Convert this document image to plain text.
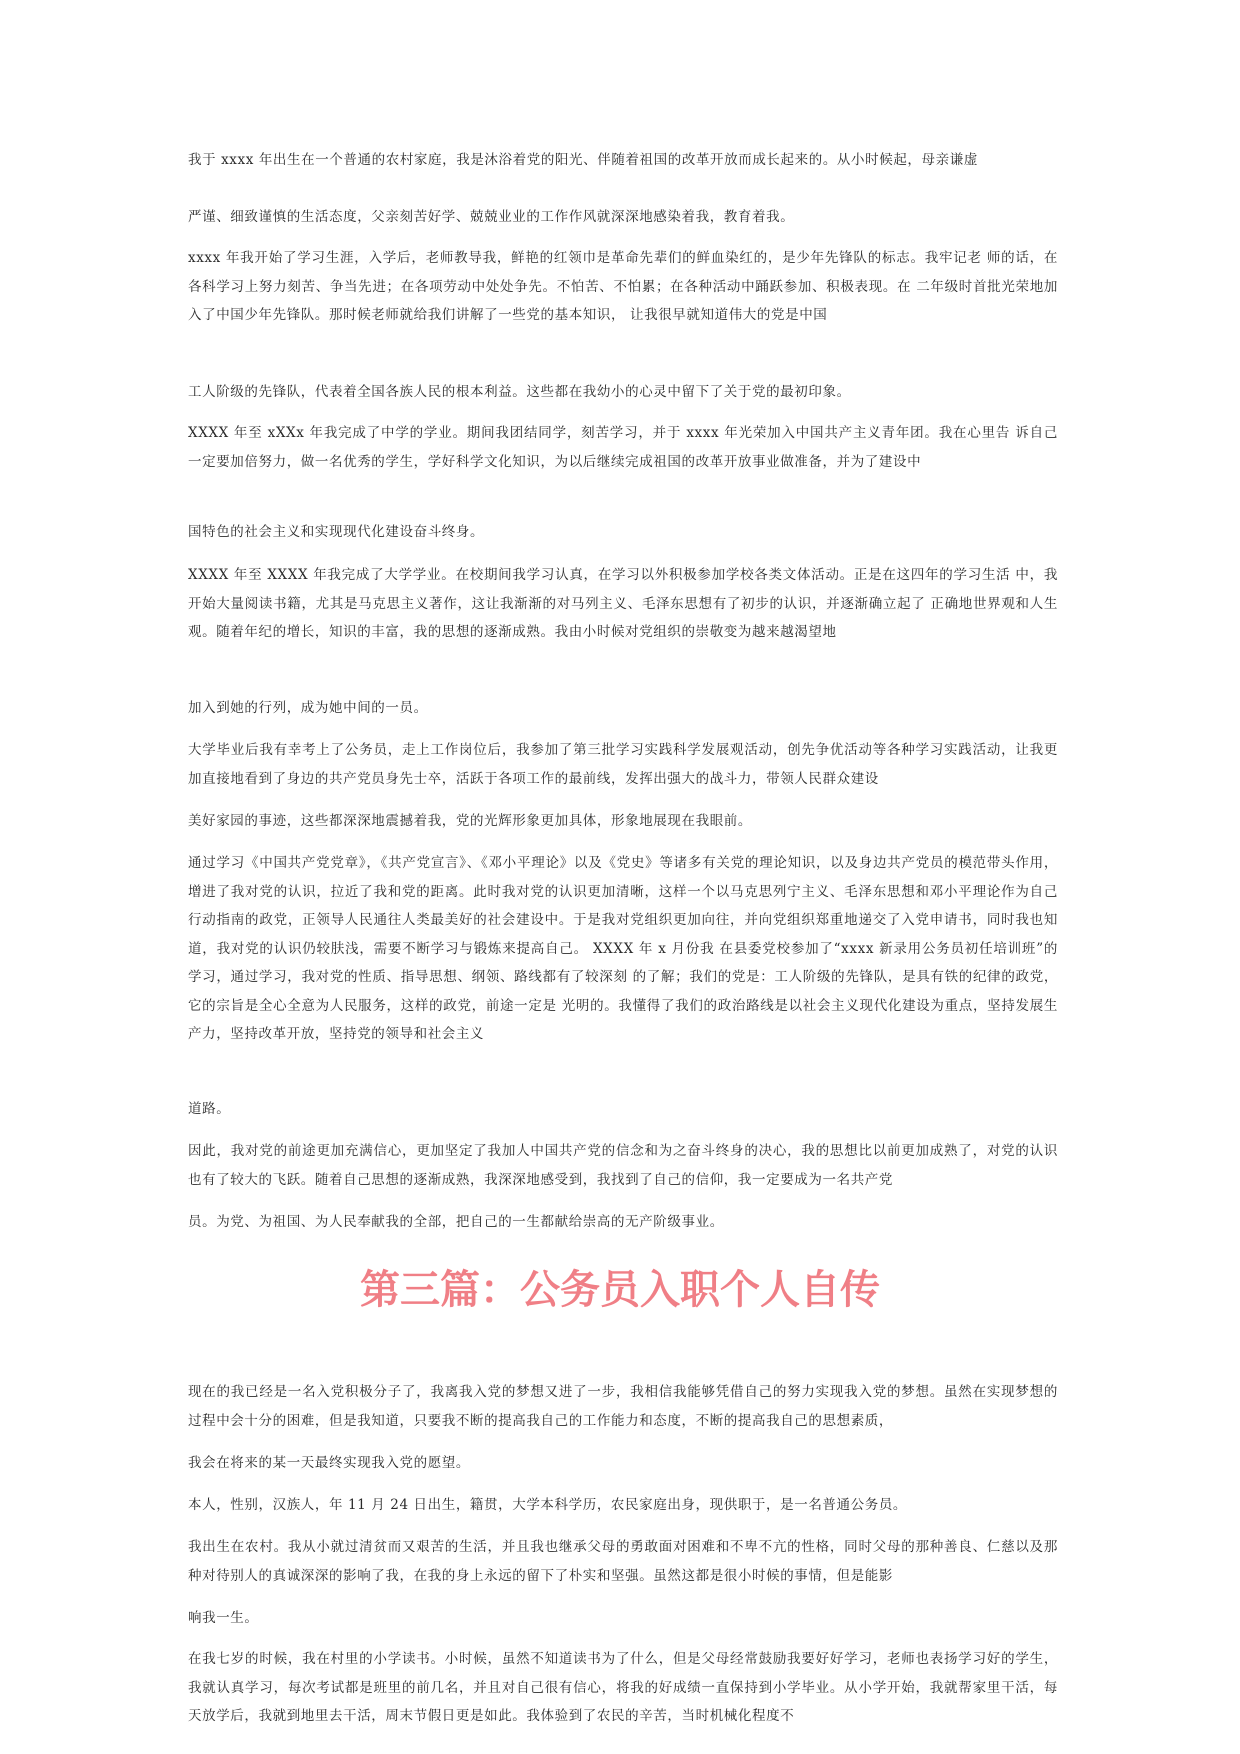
我于 xxxx 年出生在一个普通的农村家庭，我是沐浴着党的阳光、伴随着祖国的改革开放而成长起来的。从小时候起，母亲谦虚

严谨、细致谨慎的生活态度，父亲刻苦好学、兢兢业业的工作作风就深深地感染着我，教育着我。

xxxx 年我开始了学习生涯，入学后，老师教导我，鲜艳的红领巾是革命先辈们的鲜血染红的，是少年先锋队的标志。我牢记老 师的话，在各科学习上努力刻苦、争当先进；在各项劳动中处处争先。不怕苦、不怕累；在各种活动中踊跃参加、积极表现。在 二年级时首批光荣地加入了中国少年先锋队。那时候老师就给我们讲解了一些党的基本知识， 让我很早就知道伟大的党是中国

工人阶级的先锋队，代表着全国各族人民的根本利益。这些都在我幼小的心灵中留下了关于党的最初印象。

XXXX 年至 xXXx 年我完成了中学的学业。期间我团结同学，刻苦学习，并于 xxxx 年光荣加入中国共产主义青年团。我在心里告 诉自己一定要加倍努力，做一名优秀的学生，学好科学文化知识，为以后继续完成祖国的改革开放事业做准备，并为了建设中

国特色的社会主义和实现现代化建设奋斗终身。

XXXX 年至 XXXX 年我完成了大学学业。在校期间我学习认真，在学习以外积极参加学校各类文体活动。正是在这四年的学习生活 中，我开始大量阅读书籍，尤其是马克思主义著作，这让我渐渐的对马列主义、毛泽东思想有了初步的认识，并逐渐确立起了 正确地世界观和人生观。随着年纪的增长，知识的丰富，我的思想的逐渐成熟。我由小时候对党组织的崇敬变为越来越渴望地

加入到她的行列，成为她中间的一员。

大学毕业后我有幸考上了公务员，走上工作岗位后，我参加了第三批学习实践科学发展观活动，创先争优活动等各种学习实践活动，让我更加直接地看到了身边的共产党员身先士卒，活跃于各项工作的最前线，发挥出强大的战斗力，带领人民群众建设

美好家园的事迹，这些都深深地震撼着我，党的光辉形象更加具体，形象地展现在我眼前。

通过学习《中国共产党党章》，《共产党宣言》、《邓小平理论》以及《党史》等诸多有关党的理论知识，以及身边共产党员的模范带头作用，增进了我对党的认识，拉近了我和党的距离。此时我对党的认识更加清晰，这样一个以马克思列宁主义、毛泽东思想和邓小平理论作为自己行动指南的政党，正领导人民通往人类最美好的社会建设中。于是我对党组织更加向往，并向党组织郑重地递交了入党申请书，同时我也知道，我对党的认识仍较肤浅，需要不断学习与锻炼来提高自己。 XXXX 年 x 月份我 在县委党校参加了“xxxx 新录用公务员初任培训班”的学习，通过学习，我对党的性质、指导思想、纲领、路线都有了较深刻 的了解；我们的党是：工人阶级的先锋队，是具有铁的纪律的政党，它的宗旨是全心全意为人民服务，这样的政党，前途一定是 光明的。我懂得了我们的政治路线是以社会主义现代化建设为重点，坚持发展生产力，坚持改革开放，坚持党的领导和社会主义

道路。

因此，我对党的前途更加充满信心，更加坚定了我加人中国共产党的信念和为之奋斗终身的决心，我的思想比以前更加成熟了，对党的认识也有了较大的飞跃。随着自己思想的逐渐成熟，我深深地感受到，我找到了自己的信仰，我一定要成为一名共产党

员。为党、为祖国、为人民奉献我的全部，把自己的一生都献给崇高的无产阶级事业。

第三篇：公务员入职个人自传

现在的我已经是一名入党积极分子了，我离我入党的梦想又进了一步，我相信我能够凭借自己的努力实现我入党的梦想。虽然在实现梦想的过程中会十分的困难，但是我知道，只要我不断的提高我自己的工作能力和态度，不断的提高我自己的思想素质，

我会在将来的某一天最终实现我入党的愿望。

本人，性别，汉族人，年 11 月 24 日出生，籍贯，大学本科学历，农民家庭出身，现供职于，是一名普通公务员。

我出生在农村。我从小就过清贫而又艰苦的生活，并且我也继承父母的勇敢面对困难和不卑不亢的性格，同时父母的那种善良、仁慈以及那种对待别人的真诚深深的影响了我，在我的身上永远的留下了朴实和坚强。虽然这都是很小时候的事情，但是能影

响我一生。

在我七岁的时候，我在村里的小学读书。小时候，虽然不知道读书为了什么，但是父母经常鼓励我要好好学习，老师也表扬学习好的学生，我就认真学习，每次考试都是班里的前几名，并且对自己很有信心，将我的好成绩一直保持到小学毕业。从小学开始，我就帮家里干活，每天放学后，我就到地里去干活，周末节假日更是如此。我体验到了农民的辛苦，当时机械化程度不
